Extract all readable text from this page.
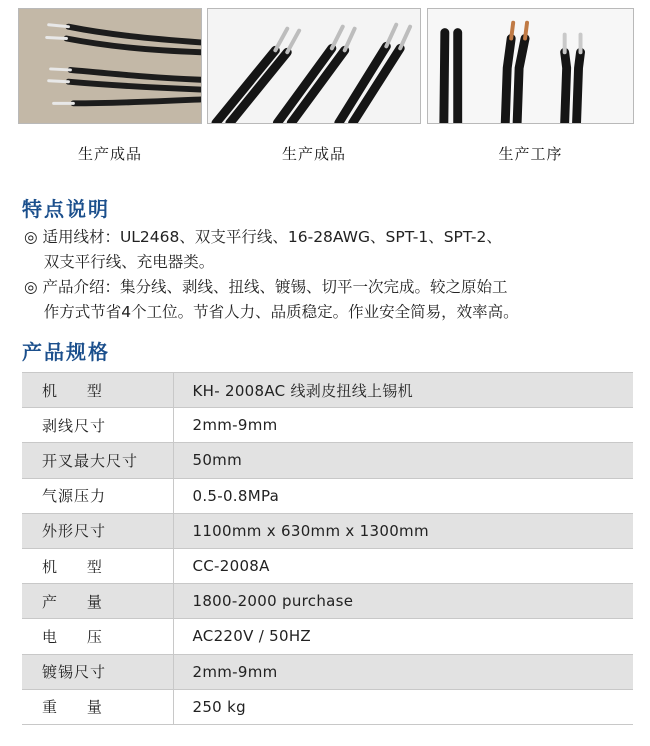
生产成品	生产成品	生产工序
特点说明
◎ 适用线材：UL2468、双支平行线、16-28AWG、SPT-1、SPT-2、
双支平行线、充电器类。
◎ 产品介绍：集分线、剥线、扭线、镀锡、切平一次完成。较之原始工
作方式节省4个工位。节省人力、品质稳定。作业安全简易，效率高。
产品规格
机     型	KH- 2008AC 线剥皮扭线上锡机
剥线尺寸	2mm-9mm
开叉最大尺寸	50mm
气源压力	0.5-0.8MPa
外形尺寸	1100mm x 630mm x 1300mm
机     型	CC-2008A
产     量	1800-2000 purchase
电     压	AC220V / 50HZ
镀锡尺寸	2mm-9mm
重     量	250 kg
